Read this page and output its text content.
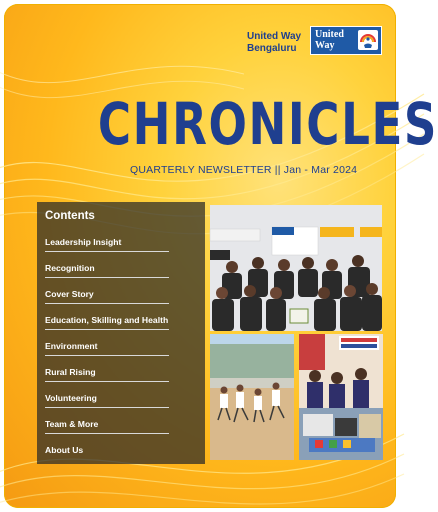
United Way
Bengaluru
United
Way
CHRONICLES
QUARTERLY NEWSLETTER || Jan - Mar 2024
Contents
Leadership Insight
Recognition
Cover Story
Education, Skilling and Health
Environment
Rural Rising
Volunteering
Team & More
About Us
